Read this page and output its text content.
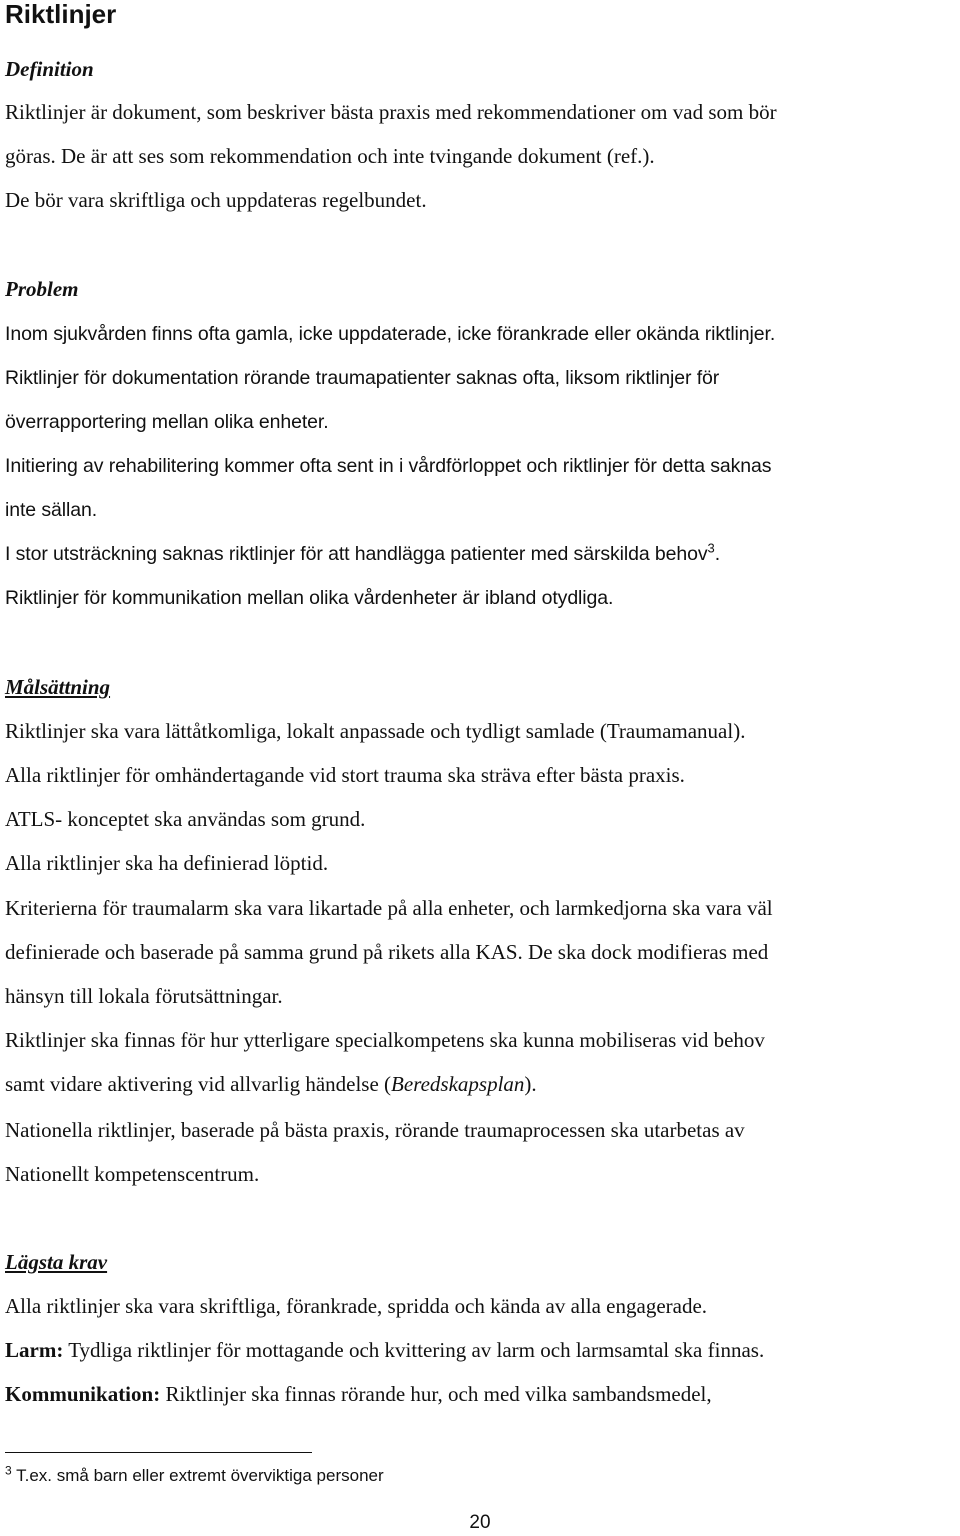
Riktlinjer

Definition

Riktlinjer är dokument, som beskriver bästa praxis med rekommendationer om vad som bör

göras. De är att ses som rekommendation och inte tvingande dokument (ref.).

De bör vara skriftliga och uppdateras regelbundet.

Problem

Inom sjukvården finns ofta gamla, icke uppdaterade, icke förankrade eller okända riktlinjer.

Riktlinjer för dokumentation rörande traumapatienter saknas ofta, liksom riktlinjer för

överrapportering mellan olika enheter.

Initiering av rehabilitering kommer ofta sent in i vårdförloppet och riktlinjer för detta saknas

inte sällan.

I stor utsträckning saknas riktlinjer för att handlägga patienter med särskilda behov$^3$.

Riktlinjer för kommunikation mellan olika vårdenheter är ibland otydliga.

Målsättning

Riktlinjer ska vara lättåtkomliga, lokalt anpassade och tydligt samlade (Traumamanual).

Alla riktlinjer för omhändertagande vid stort trauma ska sträva efter bästa praxis.

ATLS- konceptet ska användas som grund.

Alla riktlinjer ska ha definierad löptid.

Kriterierna för traumalarm ska vara likartade på alla enheter, och larmkedjorna ska vara väl

definierade och baserade på samma grund på rikets alla KAS. De ska dock modifieras med

hänsyn till lokala förutsättningar.

Riktlinjer ska finnas för hur ytterligare specialkompetens ska kunna mobiliseras vid behov

samt vidare aktivering vid allvarlig händelse (Beredskapsplan).

Nationella riktlinjer, baserade på bästa praxis, rörande traumaprocessen ska utarbetas av

Nationellt kompetenscentrum.

Lägsta krav

Alla riktlinjer ska vara skriftliga, förankrade, spridda och kända av alla engagerade.

Larm: Tydliga riktlinjer för mottagande och kvittering av larm och larmsamtal ska finnas.

Kommunikation: Riktlinjer ska finnas rörande hur, och med vilka sambandsmedel,

$^3$ T.ex. små barn eller extremt överviktiga personer

20
